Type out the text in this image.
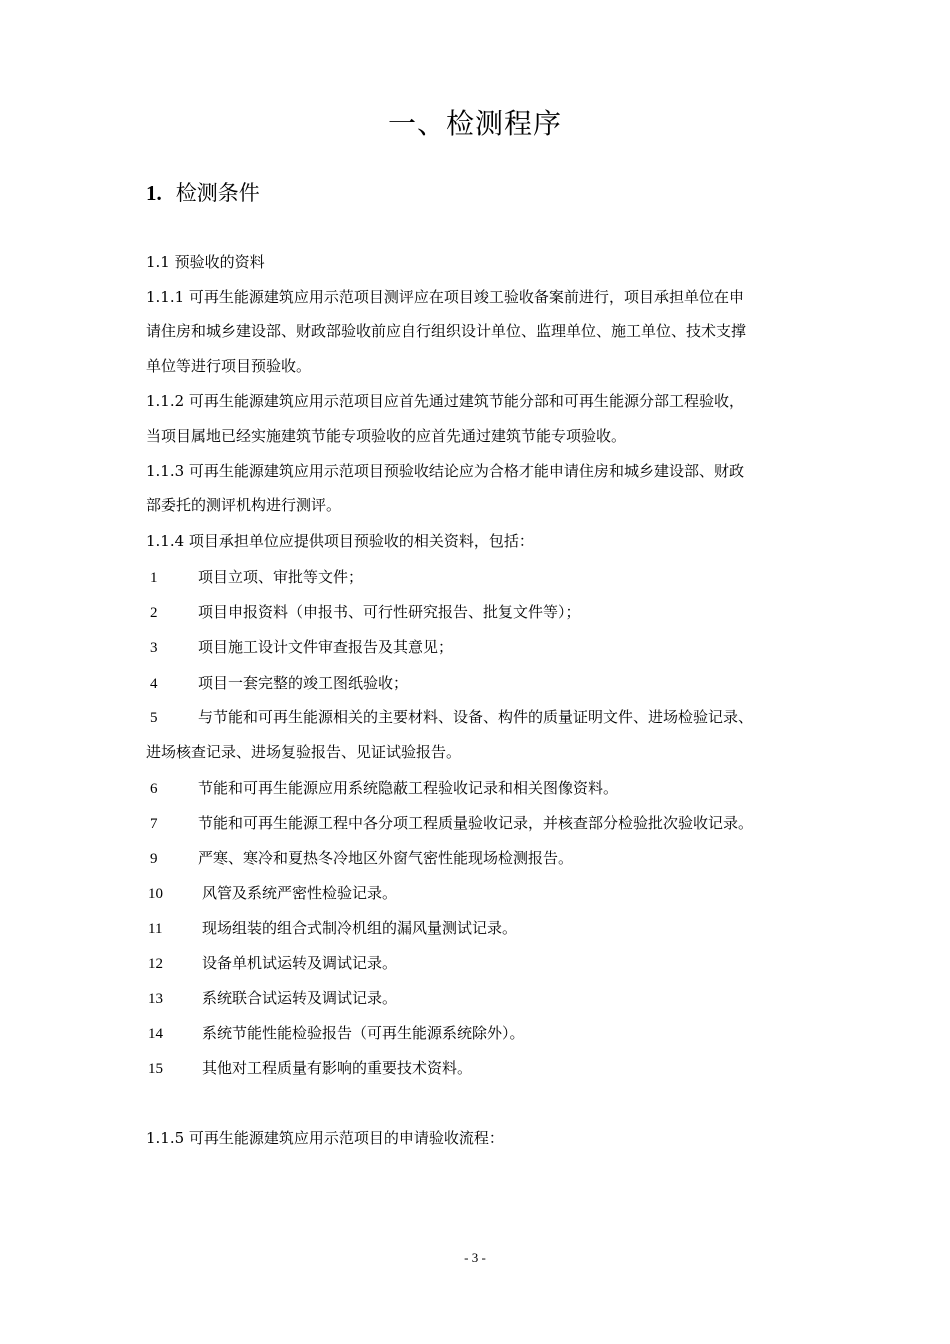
一、检测程序
1. 检测条件
1.1 预验收的资料
1.1.1 可再生能源建筑应用示范项目测评应在项目竣工验收备案前进行，项目承担单位在申
请住房和城乡建设部、财政部验收前应自行组织设计单位、监理单位、施工单位、技术支撑
单位等进行项目预验收。
1.1.2 可再生能源建筑应用示范项目应首先通过建筑节能分部和可再生能源分部工程验收，
当项目属地已经实施建筑节能专项验收的应首先通过建筑节能专项验收。
1.1.3 可再生能源建筑应用示范项目预验收结论应为合格才能申请住房和城乡建设部、财政
部委托的测评机构进行测评。
1.1.4 项目承担单位应提供项目预验收的相关资料，包括：
1	项目立项、审批等文件；
2	项目申报资料（申报书、可行性研究报告、批复文件等）；
3	项目施工设计文件审查报告及其意见；
4	项目一套完整的竣工图纸验收；
5	与节能和可再生能源相关的主要材料、设备、构件的质量证明文件、进场检验记录、
进场核查记录、进场复验报告、见证试验报告。
6	节能和可再生能源应用系统隐蔽工程验收记录和相关图像资料。
7	节能和可再生能源工程中各分项工程质量验收记录，并核查部分检验批次验收记录。
9	严寒、寒冷和夏热冬冷地区外窗气密性能现场检测报告。
10	风管及系统严密性检验记录。
11	现场组装的组合式制冷机组的漏风量测试记录。
12	设备单机试运转及调试记录。
13	系统联合试运转及调试记录。
14	系统节能性能检验报告（可再生能源系统除外）。
15	其他对工程质量有影响的重要技术资料。
1.1.5 可再生能源建筑应用示范项目的申请验收流程：
- 3 -
